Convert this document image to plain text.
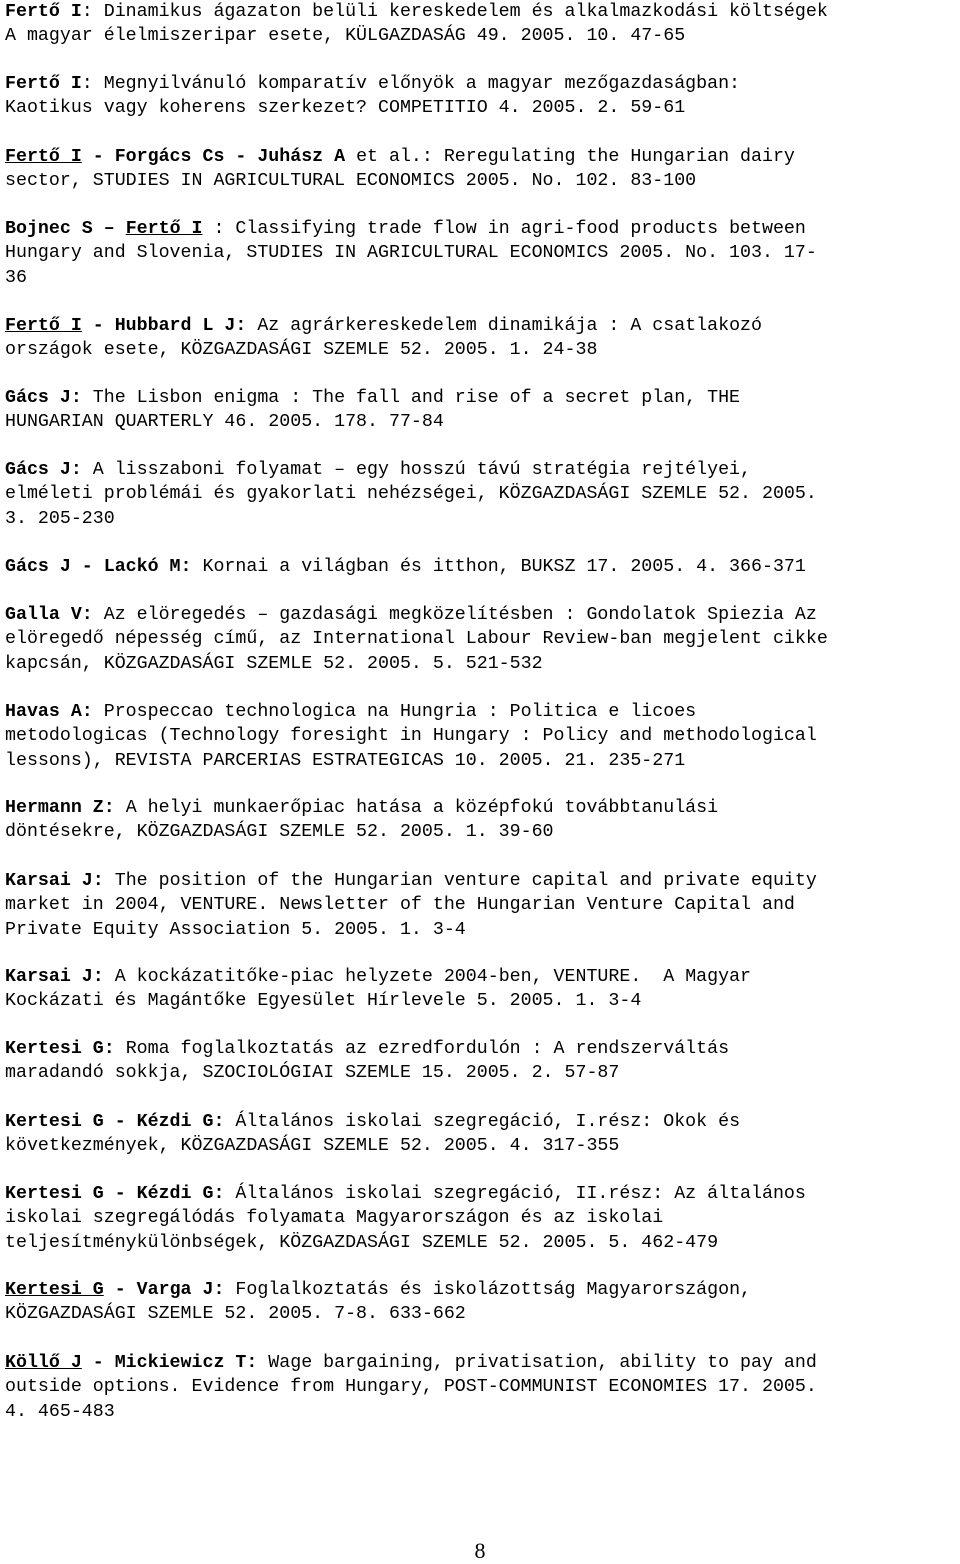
Fertő I: Dinamikus ágazaton belüli kereskedelem és alkalmazkodási költségek
A magyar élelmiszeripar esete, KÜLGAZDASÁG 49. 2005. 10. 47-65
Fertő I: Megnyilvánuló komparatív előnyök a magyar mezőgazdaságban:
Kaotikus vagy koherens szerkezet? COMPETITIO 4. 2005. 2. 59-61
Fertő I - Forgács Cs - Juhász A et al.: Reregulating the Hungarian dairy
sector, STUDIES IN AGRICULTURAL ECONOMICS 2005. No. 102. 83-100
Bojnec S – Fertő I : Classifying trade flow in agri-food products between
Hungary and Slovenia, STUDIES IN AGRICULTURAL ECONOMICS 2005. No. 103. 17-
36
Fertő I - Hubbard L J: Az agrárkereskedelem dinamikája : A csatlakozó
országok esete, KÖZGAZDASÁGI SZEMLE 52. 2005. 1. 24-38
Gács J: The Lisbon enigma : The fall and rise of a secret plan, THE
HUNGARIAN QUARTERLY 46. 2005. 178. 77-84
Gács J: A lisszaboni folyamat – egy hosszú távú stratégia rejtélyei,
elméleti problémái és gyakorlati nehézségei, KÖZGAZDASÁGI SZEMLE 52. 2005.
3. 205-230
Gács J - Lackó M: Kornai a világban és itthon, BUKSZ 17. 2005. 4. 366-371
Galla V: Az elöregedés – gazdasági megközelítésben : Gondolatok Spiezia Az
elöregedő népesség című, az International Labour Review-ban megjelent cikke
kapcsán, KÖZGAZDASÁGI SZEMLE 52. 2005. 5. 521-532
Havas A: Prospeccao technologica na Hungria : Politica e licoes
metodologicas (Technology foresight in Hungary : Policy and methodological
lessons), REVISTA PARCERIAS ESTRATEGICAS 10. 2005. 21. 235-271
Hermann Z: A helyi munkaerőpiac hatása a középfokú továbbtanulási
döntésekre, KÖZGAZDASÁGI SZEMLE 52. 2005. 1. 39-60
Karsai J: The position of the Hungarian venture capital and private equity
market in 2004, VENTURE. Newsletter of the Hungarian Venture Capital and
Private Equity Association 5. 2005. 1. 3-4
Karsai J: A kockázatitőke-piac helyzete 2004-ben, VENTURE.  A Magyar
Kockázati és Magántőke Egyesület Hírlevele 5. 2005. 1. 3-4
Kertesi G: Roma foglalkoztatás az ezredfordulón : A rendszerváltás
maradandó sokkja, SZOCIOLÓGIAI SZEMLE 15. 2005. 2. 57-87
Kertesi G - Kézdi G: Általános iskolai szegregáció, I.rész: Okok és
következmények, KÖZGAZDASÁGI SZEMLE 52. 2005. 4. 317-355
Kertesi G - Kézdi G: Általános iskolai szegregáció, II.rész: Az általános
iskolai szegregálódás folyamata Magyarországon és az iskolai
teljesítménykülönbségek, KÖZGAZDASÁGI SZEMLE 52. 2005. 5. 462-479
Kertesi G - Varga J: Foglalkoztatás és iskolázottság Magyarországon,
KÖZGAZDASÁGI SZEMLE 52. 2005. 7-8. 633-662
Köllő J - Mickiewicz T: Wage bargaining, privatisation, ability to pay and
outside options. Evidence from Hungary, POST-COMMUNIST ECONOMIES 17. 2005.
4. 465-483

8
